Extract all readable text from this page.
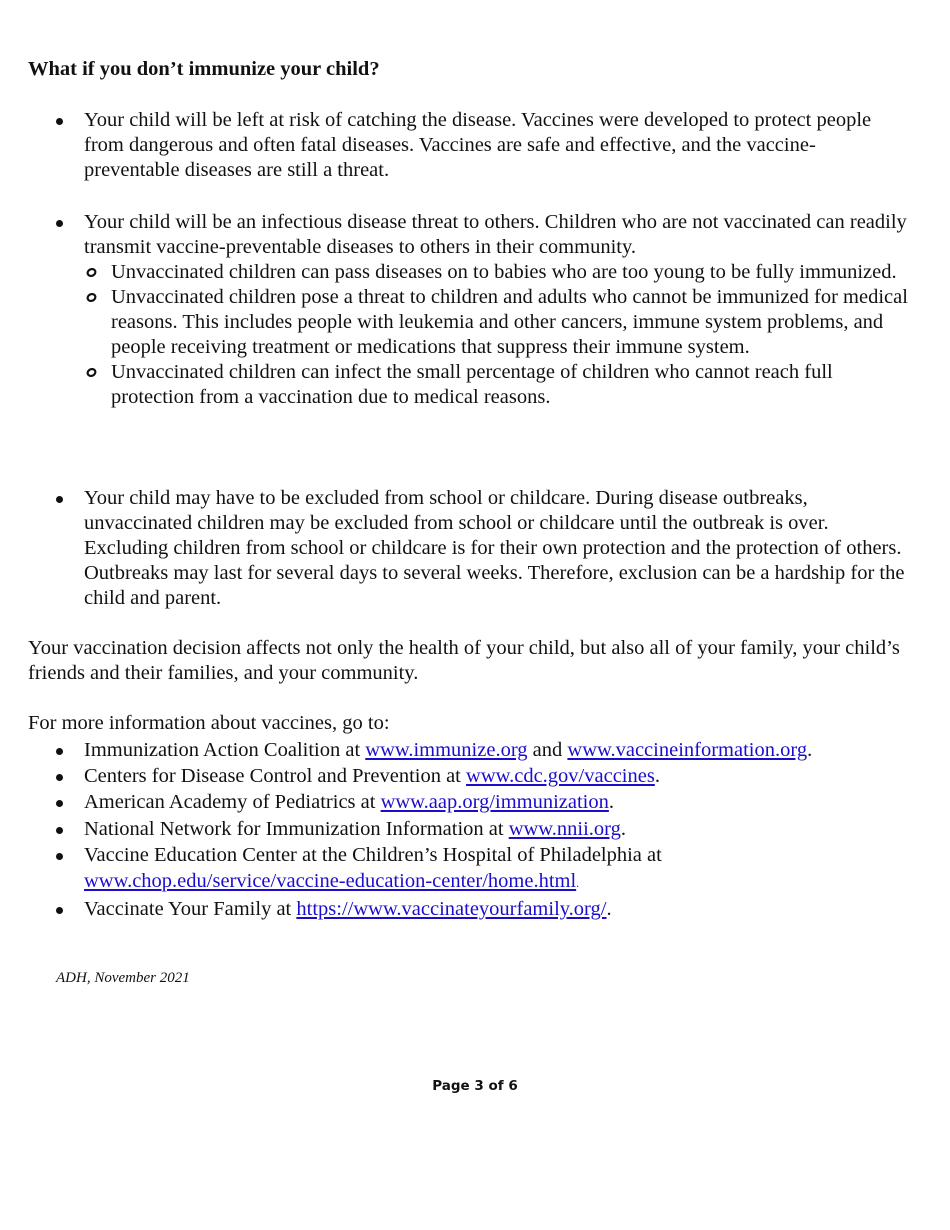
What if you don’t immunize your child?
Your child will be left at risk of catching the disease. Vaccines were developed to protect people from dangerous and often fatal diseases. Vaccines are safe and effective, and the vaccine-preventable diseases are still a threat.
Your child will be an infectious disease threat to others. Children who are not vaccinated can readily transmit vaccine-preventable diseases to others in their community.
Unvaccinated children can pass diseases on to babies who are too young to be fully immunized.
Unvaccinated children pose a threat to children and adults who cannot be immunized for medical reasons. This includes people with leukemia and other cancers, immune system problems, and people receiving treatment or medications that suppress their immune system.
Unvaccinated children can infect the small percentage of children who cannot reach full protection from a vaccination due to medical reasons.
Your child may have to be excluded from school or childcare. During disease outbreaks, unvaccinated children may be excluded from school or childcare until the outbreak is over. Excluding children from school or childcare is for their own protection and the protection of others. Outbreaks may last for several days to several weeks. Therefore, exclusion can be a hardship for the child and parent.

Your vaccination decision affects not only the health of your child, but also all of your family, your child’s friends and their families, and your community.

For more information about vaccines, go to:

Immunization Action Coalition at www.immunize.org and www.vaccineinformation.org.
Centers for Disease Control and Prevention at www.cdc.gov/vaccines.
American Academy of Pediatrics at www.aap.org/immunization.
National Network for Immunization Information at www.nnii.org.
Vaccine Education Center at the Children’s Hospital of Philadelphia at
www.chop.edu/service/vaccine-education-center/home.html.
Vaccinate Your Family at https://www.vaccinateyourfamily.org/.

ADH, November 2021

Page 3 of 6
